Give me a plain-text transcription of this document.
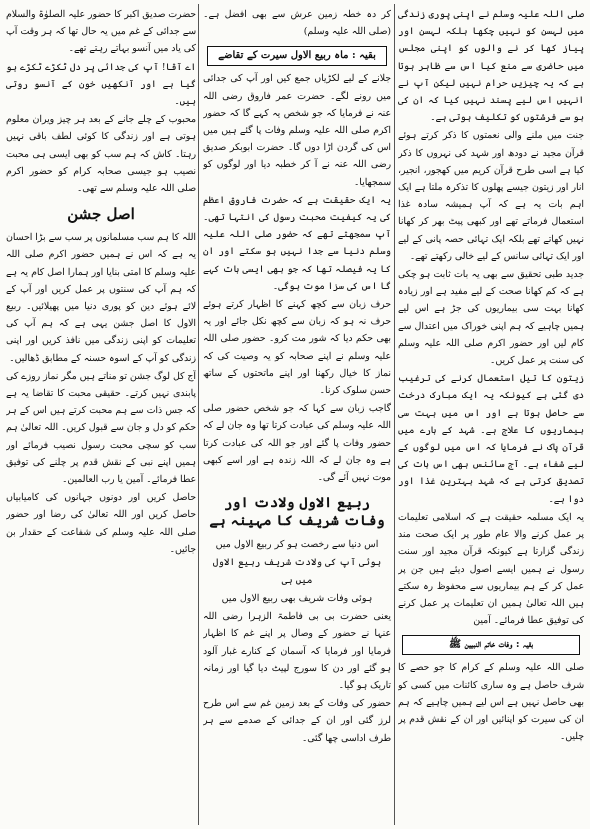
صلی اللہ علیہ وسلم نے اپنی پوری زندگی میں لہسن کو نہیں چکھا بلکہ لہسن اور پیاز کھا کر نے والوں کو اپنی مجلس میں حاضری سے منع کیا اس سے ظاہر ہوتا ہے کہ یہ چیزیں حرام نہیں لیکن آپ نے انہیں اس لیے پسند نہیں کیا کہ ان کی بو سے فرشتوں کو تکلیف ہوتی ہے۔

جنت میں ملنے والی نعمتوں کا ذکر کرتے ہوئے قرآن مجید نے دودھ اور شہد کی نہروں کا ذکر کیا ہے اسی طرح قرآن کریم میں کھجور، انجیر، انار اور زیتون جیسے پھلوں کا تذکرہ ملتا ہے ایک اہم بات یہ ہے کہ آپ ہمیشہ سادہ غذا استعمال فرماتے تھے اور کبھی پیٹ بھر کر کھانا نہیں کھاتے تھے بلکہ ایک تہائی حصہ پانی کے لیے اور ایک تہائی سانس کے لیے خالی رکھتے تھے۔

جدید طبی تحقیق سے بھی یہ بات ثابت ہو چکی ہے کہ کم کھانا صحت کے لیے مفید ہے اور زیادہ کھانا بہت سی بیماریوں کی جڑ ہے اس لیے ہمیں چاہیے کہ ہم اپنی خوراک میں اعتدال سے کام لیں اور حضور اکرم صلی اللہ علیہ وسلم کی سنت پر عمل کریں۔

زیتون کا تیل استعمال کرنے کی ترغیب دی گئی ہے کیونکہ یہ ایک مبارک درخت سے حاصل ہوتا ہے اور اس میں بہت سی بیماریوں کا علاج ہے۔ شہد کے بارے میں قرآن پاک نے فرمایا کہ اس میں لوگوں کے لیے شفاء ہے۔ آج سائنس بھی اس بات کی تصدیق کرتی ہے کہ شہد بہترین غذا اور دوا ہے۔

یہ ایک مسلمہ حقیقت ہے کہ اسلامی تعلیمات پر عمل کرنے والا عام طور پر ایک صحت مند زندگی گزارتا ہے کیونکہ قرآن مجید اور سنت رسول نے ہمیں ایسے اصول دیئے ہیں جن پر عمل کر کے ہم بیماریوں سے محفوظ رہ سکتے ہیں اللہ تعالیٰ ہمیں ان تعلیمات پر عمل کرنے کی توفیق عطا فرمائے۔ آمین

بقیہ : وفات خاتم النبیین ﷺ

صلی اللہ علیہ وسلم کے کرام کا جو حصے کا شرف حاصل ہے وہ ساری کائنات میں کسی کو بھی حاصل نہیں ہے اس لیے ہمیں چاہیے کہ ہم ان کی سیرت کو اپنائیں اور ان کے نقش قدم پر چلیں۔

کر دہ خطہ زمین عرش سے بھی افضل ہے۔ (صلی اللہ علیہ وسلم)

بقیہ : ماہ ربیع الاول سیرت کے تقاضے

جلانے کے لیے لکڑیاں جمع کیں اور آپ کی جدائی میں رونے لگے۔ حضرت عمر فاروق رضی اللہ عنہ نے فرمایا کہ جو شخص یہ کہے گا کہ حضور اکرم صلی اللہ علیہ وسلم وفات پا گئے ہیں میں اس کی گردن اڑا دوں گا۔ حضرت ابوبکر صدیق رضی اللہ عنہ نے آ کر خطبہ دیا اور لوگوں کو سمجھایا۔

یہ ایک حقیقت ہے کہ حضرت فاروق اعظم کی یہ کیفیت محبت رسول کی انتہا تھی۔ آپ سمجھتے تھے کہ حضور صلی اللہ علیہ وسلم دنیا سے جدا نہیں ہو سکتے اور ان کا یہ فیصلہ تھا کہ جو بھی ایسی بات کہے گا اس کی سزا موت ہوگی۔

حرف زبان سے کچھ کہنے کا اظہار کرتے ہوئے حرف نہ ہو کہ زبان سے کچھ نکل جائے اور یہ بھی حکم دیا کہ شور مت کرو۔ حضور صلی اللہ علیہ وسلم نے اپنے صحابہ کو یہ وصیت کی کہ نماز کا خیال رکھنا اور اپنے ماتحتوں کے ساتھ حسن سلوک کرنا۔

گاجب زبان سے کہا کہ جو شخص حضور صلی اللہ علیہ وسلم کی عبادت کرتا تھا وہ جان لے کہ حضور وفات پا گئے اور جو اللہ کی عبادت کرتا ہے وہ جان لے کہ اللہ زندہ ہے اور اسے کبھی موت نہیں آئے گی۔

ربیع الاول ولادت اور وفات شریف کا مہینہ ہے

اس دنیا سے رخصت ہو کر ربیع الاول میں

ہوئی آپ کی ولادت شریف ربیع الاول میں ہی

ہوئی وفات شریف بھی ربیع الاول میں

یعنی حضرت بی بی فاطمۃ الزہرا رضی اللہ عنہا نے حضور کے وصال پر اپنے غم کا اظہار فرمایا اور فرمایا کہ آسمان کے کنارے غبار آلود ہو گئے اور دن کا سورج لپیٹ دیا گیا اور زمانہ تاریک ہو گیا۔

حضور کی وفات کے بعد زمین غم سے اس طرح لرز گئی اور ان کے جدائی کے صدمے سے ہر طرف اداسی چھا گئی۔

حضرت صدیق اکبر کا حضور علیہ الصلوٰۃ والسلام سے جدائی کے غم میں یہ حال تھا کہ ہر وقت آپ کی یاد میں آنسو بہاتے رہتے تھے۔

اے آقا! آپ کی جدائی پر دل ٹکڑے ٹکڑے ہو گیا ہے اور آنکھیں خون کے آنسو روتی ہیں۔

محبوب کے چلے جانے کے بعد ہر چیز ویران معلوم ہوتی ہے اور زندگی کا کوئی لطف باقی نہیں رہتا۔ کاش کہ ہم سب کو بھی ایسی ہی محبت نصیب ہو جیسی صحابہ کرام کو حضور اکرم صلی اللہ علیہ وسلم سے تھی۔

اصل جشن

اللہ کا ہم سب مسلمانوں پر سب سے بڑا احسان یہ ہے کہ اس نے ہمیں حضور اکرم صلی اللہ علیہ وسلم کا امتی بنایا اور ہمارا اصل کام یہ ہے کہ ہم آپ کی سنتوں پر عمل کریں اور آپ کے لائے ہوئے دین کو پوری دنیا میں پھیلائیں۔ ربیع الاول کا اصل جشن یہی ہے کہ ہم آپ کی تعلیمات کو اپنی زندگی میں نافذ کریں اور اپنی زندگی کو آپ کے اسوہ حسنہ کے مطابق ڈھالیں۔

آج کل لوگ جشن تو مناتے ہیں مگر نماز روزے کی پابندی نہیں کرتے۔ حقیقی محبت کا تقاضا یہ ہے کہ جس ذات سے ہم محبت کرتے ہیں اس کے ہر حکم کو دل و جان سے قبول کریں۔ اللہ تعالیٰ ہم سب کو سچی محبت رسول نصیب فرمائے اور ہمیں اپنے نبی کے نقش قدم پر چلنے کی توفیق عطا فرمائے۔ آمین یا رب العالمین۔

حاصل کریں اور دونوں جہانوں کی کامیابیاں حاصل کریں اور اللہ تعالیٰ کی رضا اور حضور صلی اللہ علیہ وسلم کی شفاعت کے حقدار بن جائیں۔
